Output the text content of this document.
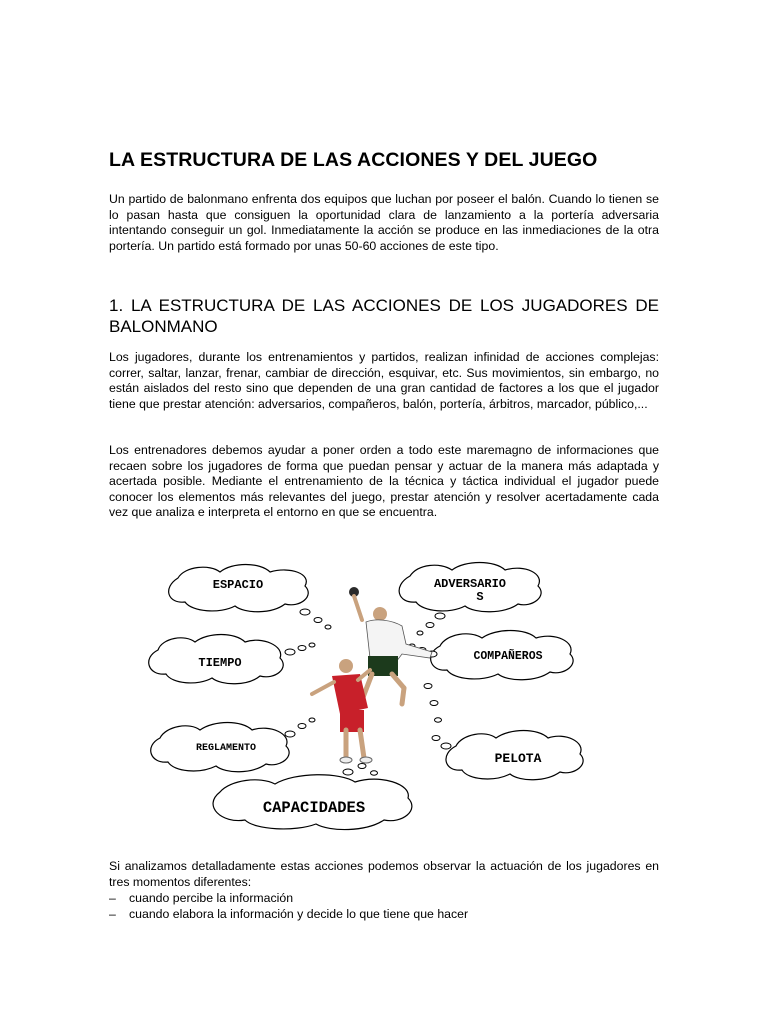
LA ESTRUCTURA DE LAS ACCIONES Y DEL JUEGO

Un partido de balonmano enfrenta dos equipos que luchan por poseer el balón. Cuando lo tienen se lo pasan hasta que consiguen la oportunidad clara de lanzamiento a la portería adversaria intentando conseguir un gol. Inmediatamente la acción se produce en las inmediaciones de la otra portería. Un partido está formado por unas 50-60 acciones de este tipo.

1. LA ESTRUCTURA DE LAS ACCIONES DE LOS JUGADORES DE BALONMANO

Los jugadores, durante los entrenamientos y partidos, realizan infinidad de acciones complejas: correr, saltar, lanzar, frenar, cambiar de dirección, esquivar, etc. Sus movimientos, sin embargo, no están aislados del resto sino que dependen de una gran cantidad de factores a los que el jugador tiene que prestar atención: adversarios, compañeros, balón, portería, árbitros, marcador, público,...

Los entrenadores debemos ayudar a poner orden a todo este maremagno de informaciones que recaen sobre los jugadores de forma que puedan pensar y actuar de la manera más adaptada y acertada posible. Mediante el entrenamiento de la técnica y táctica individual el jugador puede conocer los elementos más relevantes del juego, prestar atención y resolver acertadamente cada vez que analiza e interpreta el entorno en que se encuentra.

ESPACIO	ADVERSARIO
S
TIEMPO	COMPAÑEROS
REGLAMENTO
PELOTA
CAPACIDADES

Si analizamos detalladamente estas acciones podemos observar la actuación de los jugadores en tres momentos diferentes:

–	cuando percibe la información
–	cuando elabora la información y decide lo que tiene que hacer
